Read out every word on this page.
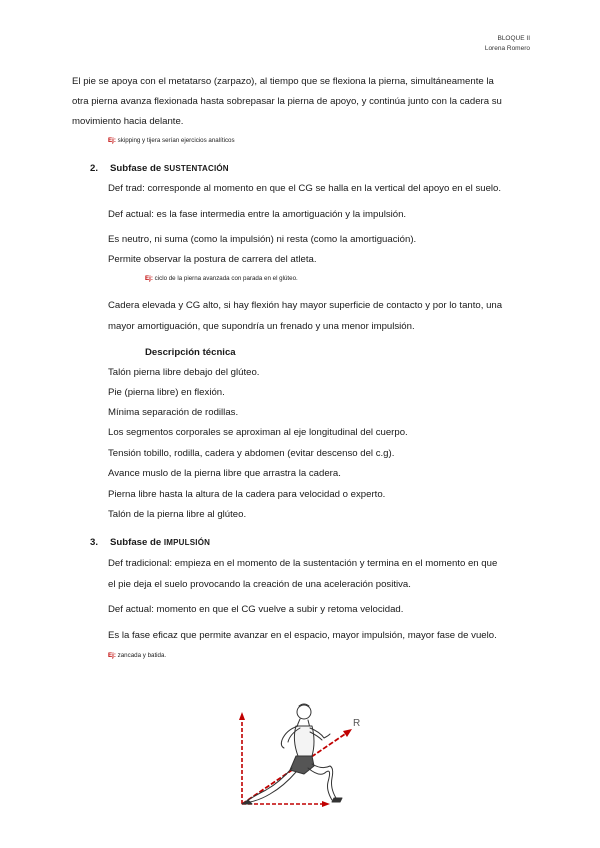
BLOQUE II
Lorena Romero
El pie se apoya con el metatarso (zarpazo), al tiempo que se flexiona la pierna, simultáneamente la
otra pierna avanza flexionada hasta sobrepasar la pierna de apoyo, y continúa junto con la cadera su
movimiento hacia delante.
Ej: skipping y tijera serían ejercicios analíticos
2. Subfase de SUSTENTACIÓN
Def trad: corresponde al momento en que el CG se halla en la vertical del apoyo en el suelo.
Def actual: es la fase intermedia entre la amortiguación y la impulsión.
Es neutro, ni suma (como la impulsión) ni resta (como la amortiguación).
Permite observar la postura de carrera del atleta.
Ej: ciclo de la pierna avanzada con parada en el glúteo.
Cadera elevada y CG alto, si hay flexión hay mayor superficie de contacto y por lo tanto, una
mayor amortiguación, que supondría un frenado y una menor impulsión.
Descripción técnica
Talón pierna libre debajo del glúteo.
Pie (pierna libre) en flexión.
Mínima separación de rodillas.
Los segmentos corporales se aproximan al eje longitudinal del cuerpo.
Tensión tobillo, rodilla, cadera y abdomen (evitar descenso del c.g).
Avance muslo de la pierna libre que arrastra la cadera.
Pierna libre hasta la altura de la cadera para velocidad o experto.
Talón de la pierna libre al glúteo.
3. Subfase de IMPULSIÓN
Def tradicional: empieza en el momento de la sustentación y termina en el momento en que
el pie deja el suelo provocando la creación de una aceleración positiva.
Def actual: momento en que el CG vuelve a subir y retoma velocidad.
Es la fase eficaz que permite avanzar en el espacio, mayor impulsión, mayor fase de vuelo.
Ej: zancada y batida.
R
